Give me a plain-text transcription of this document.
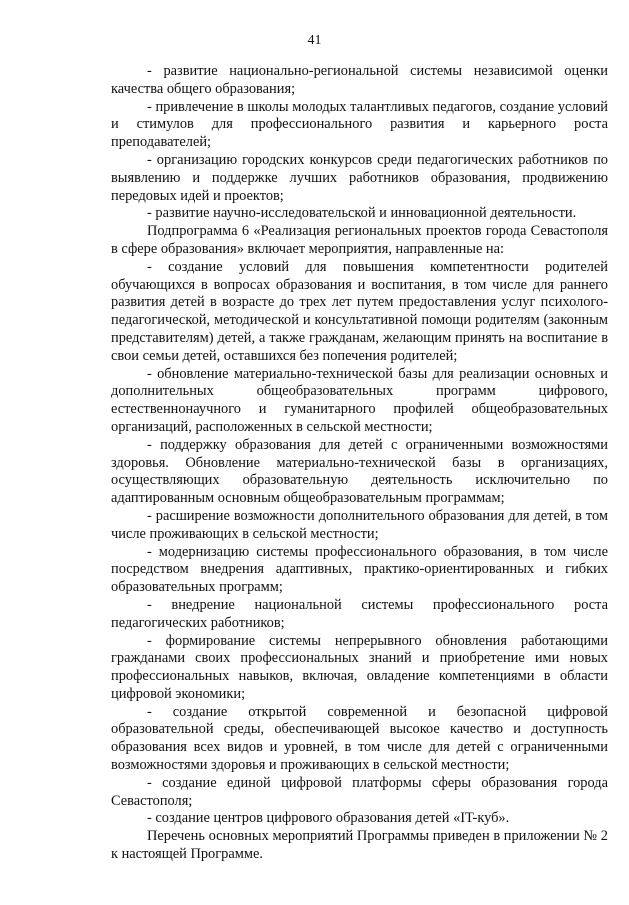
41

- развитие национально-региональной системы независимой оценки качества общего образования;

- привлечение в школы молодых талантливых педагогов, создание условий и стимулов для профессионального развития и карьерного роста преподавателей;

- организацию городских конкурсов среди педагогических работников по выявлению и поддержке лучших работников образования, продвижению передовых идей и проектов;

- развитие научно-исследовательской и инновационной деятельности.

Подпрограмма 6 «Реализация региональных проектов города Севастополя в сфере образования» включает мероприятия, направленные на:

- создание условий для повышения компетентности родителей обучающихся в вопросах образования и воспитания, в том числе для раннего развития детей в возрасте до трех лет путем предоставления услуг психолого-педагогической, методической и консультативной помощи родителям (законным представителям) детей, а также гражданам, желающим принять на воспитание в свои семьи детей, оставшихся без попечения родителей;

- обновление материально-технической базы для реализации основных и дополнительных общеобразовательных программ цифрового, естественнонаучного и гуманитарного профилей общеобразовательных организаций, расположенных в сельской местности;

- поддержку образования для детей с ограниченными возможностями здоровья. Обновление материально-технической базы в организациях, осуществляющих образовательную деятельность исключительно по адаптированным основным общеобразовательным программам;

- расширение возможности дополнительного образования для детей, в том числе проживающих в сельской местности;

- модернизацию системы профессионального образования, в том числе посредством внедрения адаптивных, практико-ориентированных и гибких образовательных программ;

- внедрение национальной системы профессионального роста педагогических работников;

- формирование системы непрерывного обновления работающими гражданами своих профессиональных знаний и приобретение ими новых профессиональных навыков, включая, овладение компетенциями в области цифровой экономики;

- создание открытой современной и безопасной цифровой образовательной среды, обеспечивающей высокое качество и доступность образования всех видов и уровней, в том числе для детей с ограниченными возможностями здоровья и проживающих в сельской местности;

- создание единой цифровой платформы сферы образования города Севастополя;

- создание центров цифрового образования детей «IT-куб».

Перечень основных мероприятий Программы приведен в приложении № 2 к настоящей Программе.
